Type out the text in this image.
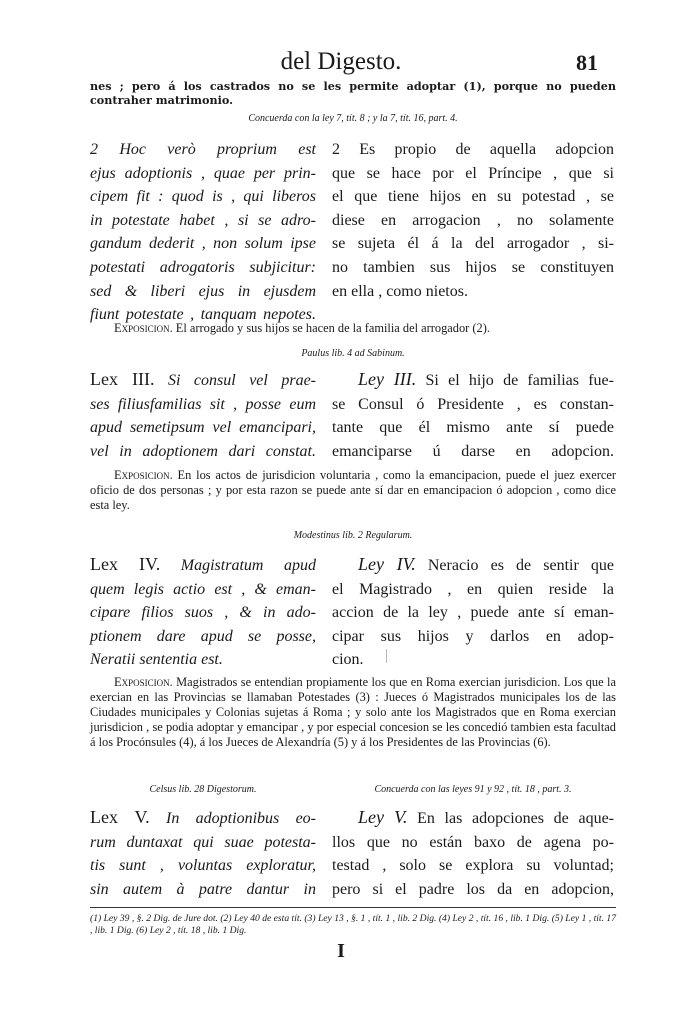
del Digesto.	81
nes ; pero á los castrados no se les permite adoptar (1), porque no pueden contraher matrimonio.
Concuerda con la ley 7, tít. 8 ; y la 7, tít. 16, part. 4.
2 Hoc verò proprium est
ejus adoptionis , quae per prin-
cipem fit : quod is , qui liberos
in potestate habet , si se adro-
gandum dederit , non solum ipse
potestati adrogatoris subjicitur:
sed & liberi ejus in ejusdem
fiunt potestate , tanquam nepotes.
2 Es propio de aquella adopcion
que se hace por el Príncipe , que si
el que tiene hijos en su potestad , se
diese en arrogacion , no solamente
se sujeta él á la del arrogador , si-
no tambien sus hijos se constituyen
en ella , como nietos.
Exposicion. El arrogado y sus hijos se hacen de la familia del arrogador (2).
Paulus lib. 4 ad Sabinum.
Lex III. Si consul vel prae-
ses filiusfamilias sit , posse eum
apud semetipsum vel emancipari,
vel in adoptionem dari constat.
Ley III. Si el hijo de familias fue-
se Consul ó Presidente , es constan-
tante que él mismo ante sí puede
emanciparse ú darse en adopcion.
Exposicion. En los actos de jurisdicion voluntaria , como la emancipacion, puede el juez exercer oficio de dos personas ; y por esta razon se puede ante sí dar en emancipacion ó adopcion , como dice esta ley.
Modestinus lib. 2 Regularum.
Lex IV. Magistratum apud
quem legis actio est , & eman-
cipare filios suos , & in ado-
ptionem dare apud se posse,
Neratii sententia est.
Ley IV. Neracio es de sentir que
el Magistrado , en quien reside la
accion de la ley , puede ante sí eman-
cipar sus hijos y darlos en adop-
cion.
Exposicion. Magistrados se entendian propiamente los que en Roma exercian jurisdicion. Los que la exercian en las Provincias se llamaban Potestades (3) : Jueces ó Magistrados municipales los de las Ciudades municipales y Colonias sujetas á Roma ; y solo ante los Magistrados que en Roma exercian jurisdicion , se podia adoptar y emancipar , y por especial concesion se les concedió tambien esta facultad á los Procónsules (4), á los Jueces de Alexandría (5) y á los Presidentes de las Provincias (6).
Celsus lib. 28 Digestorum.	Concuerda con las leyes 91 y 92 , tít. 18 , part. 3.
Lex V. In adoptionibus eo-
rum duntaxat qui suae potesta-
tis sunt , voluntas exploratur,
sin autem à patre dantur in
Ley V. En las adopciones de aque-
llos que no están baxo de agena po-
testad , solo se explora su voluntad;
pero si el padre los da en adopcion,
(1) Ley 39 , §. 2 Dig. de Jure dot. (2) Ley 40 de esta tít. (3) Ley 13 , §. 1 , tít. 1 , lib. 2 Dig. (4) Ley 2 , tít. 16 , lib. 1 Dig. (5) Ley 1 , tít. 17 , lib. 1 Dig. (6) Ley 2 , tít. 18 , lib. 1 Dig.
I
